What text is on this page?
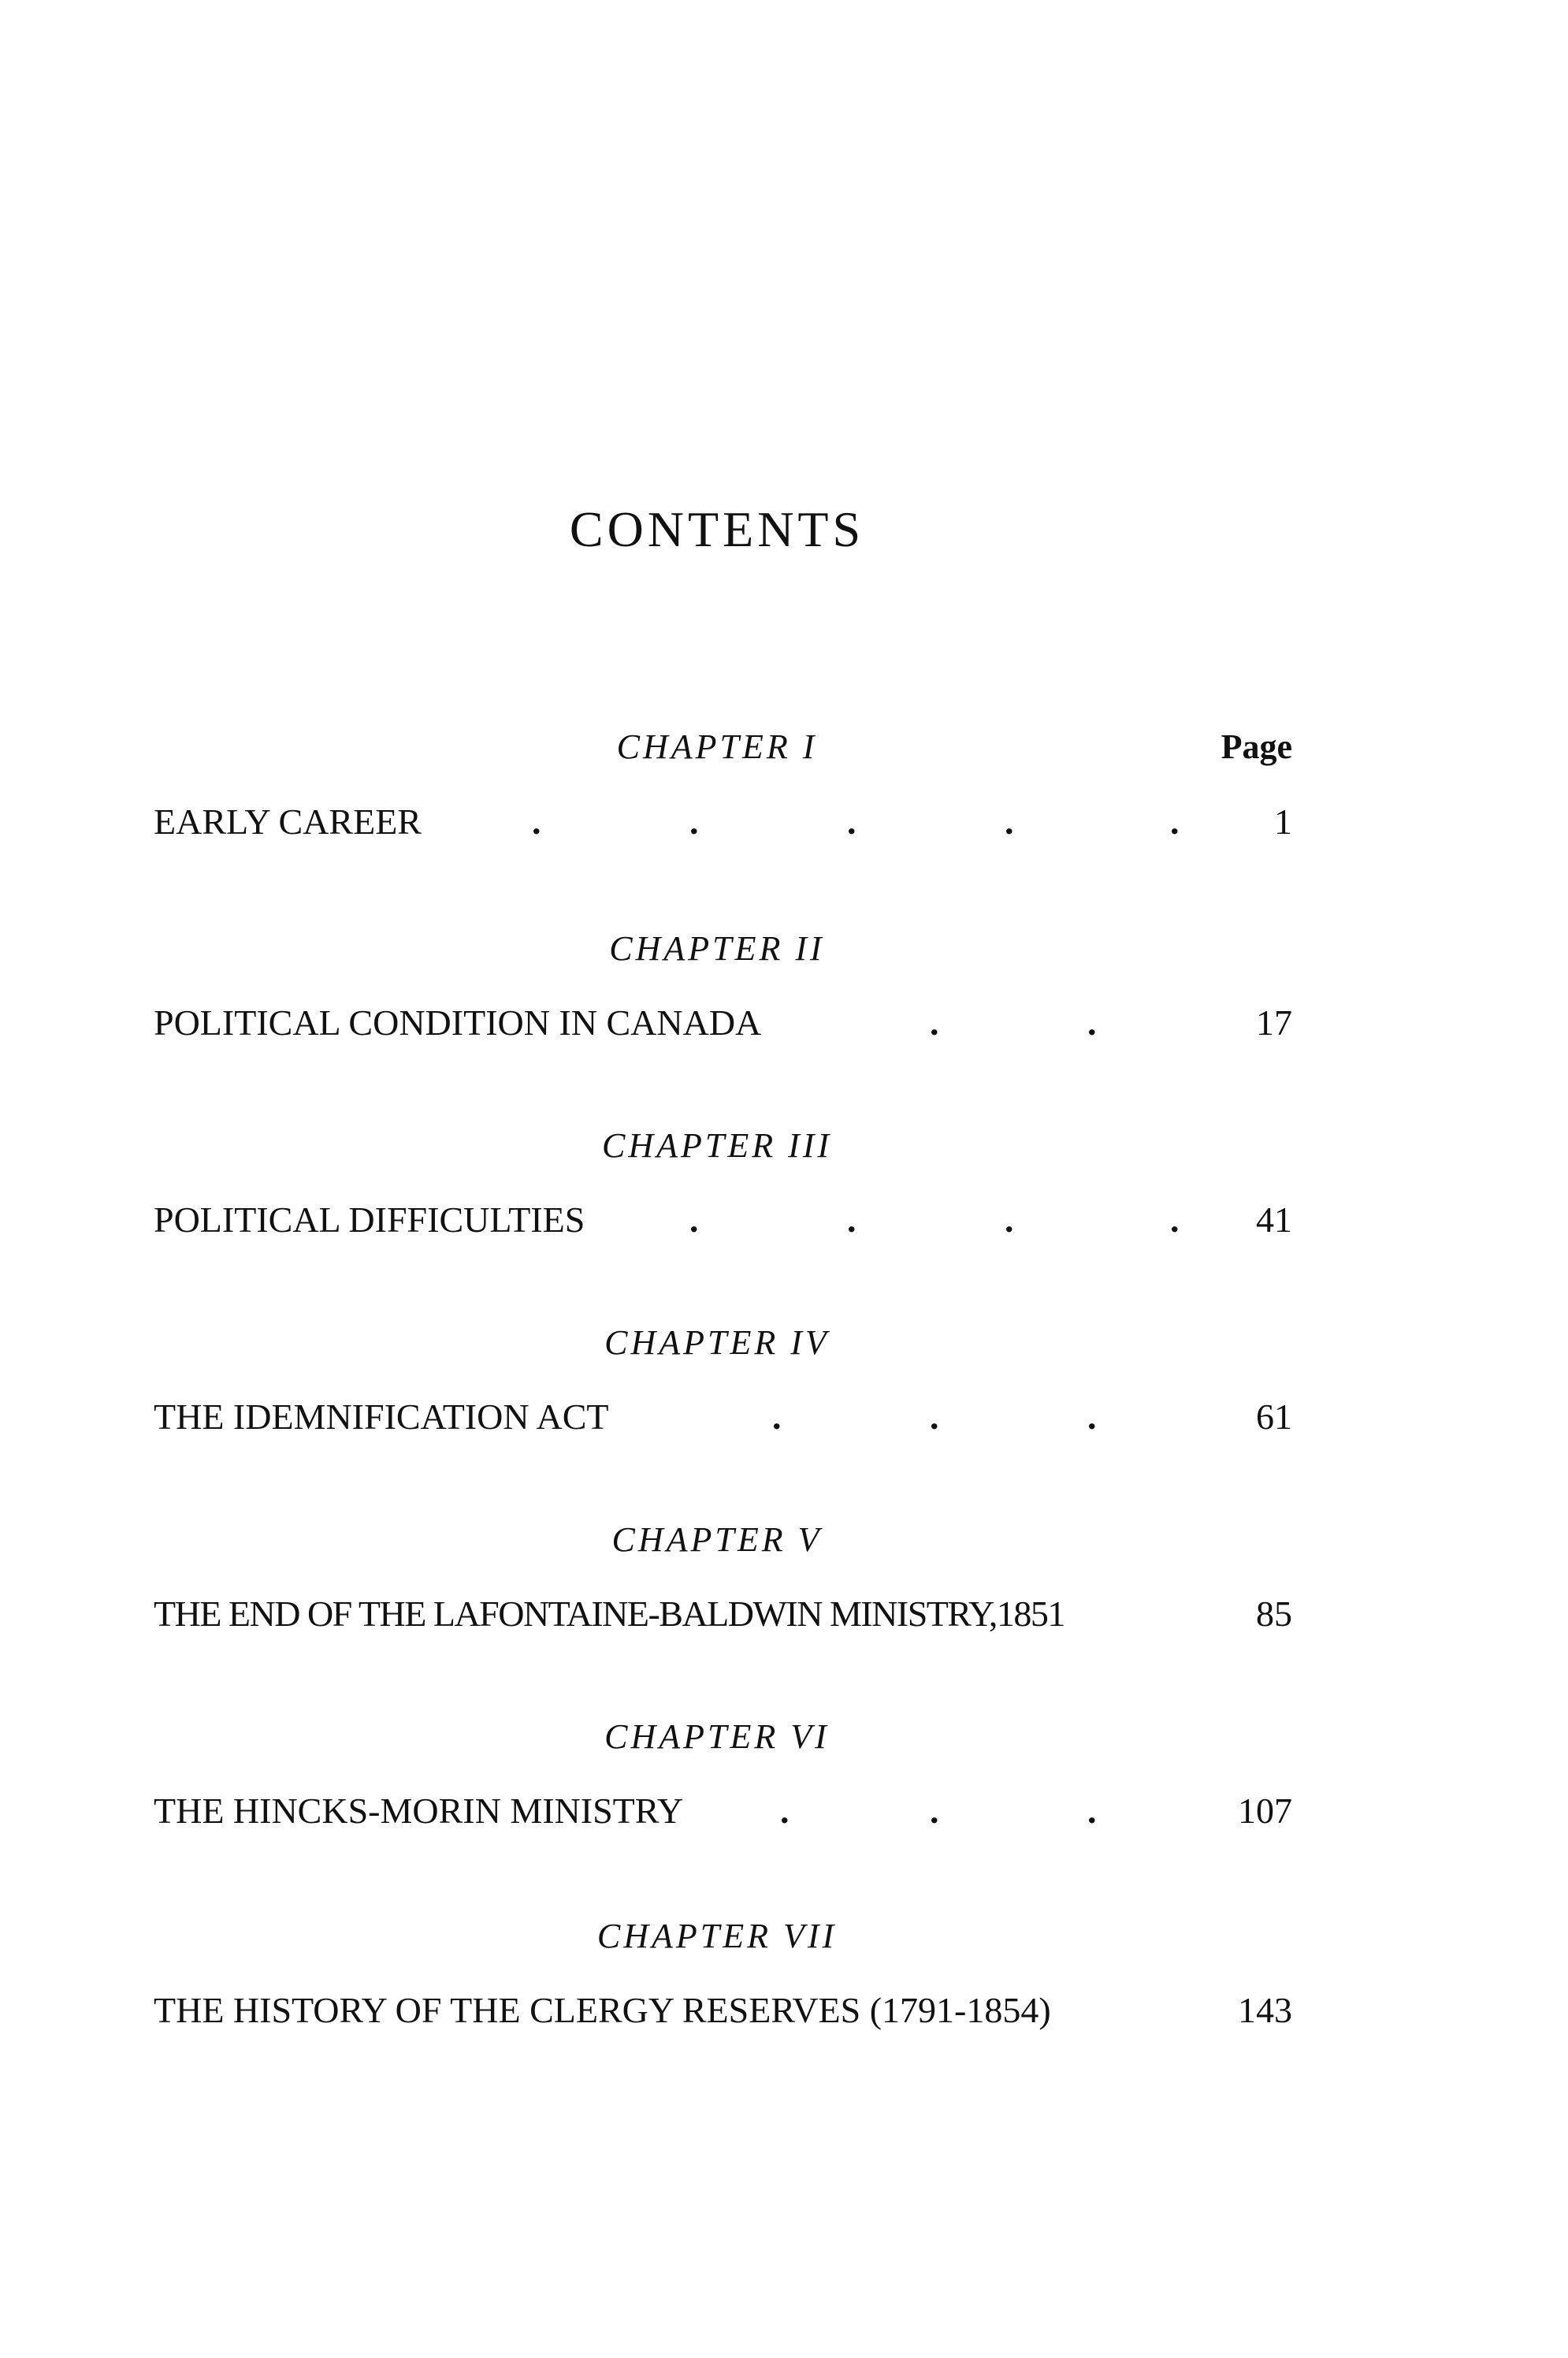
CONTENTS
Page
CHAPTER I
EARLY CAREER	.	.	.	.	.	1
CHAPTER II
POLITICAL CONDITION IN CANADA	.	.	17
CHAPTER III
POLITICAL DIFFICULTIES	.	.	.	. 41
CHAPTER IV
THE IDEMNIFICATION ACT	.	.	.	61
CHAPTER V
THE END OF THE LAFONTAINE-BALDWIN MINISTRY,1851	85
CHAPTER VI
THE HINCKS-MORIN MINISTRY	.	.	.	107
CHAPTER VII
THE HISTORY OF THE CLERGY RESERVES (1791-1854)	143
